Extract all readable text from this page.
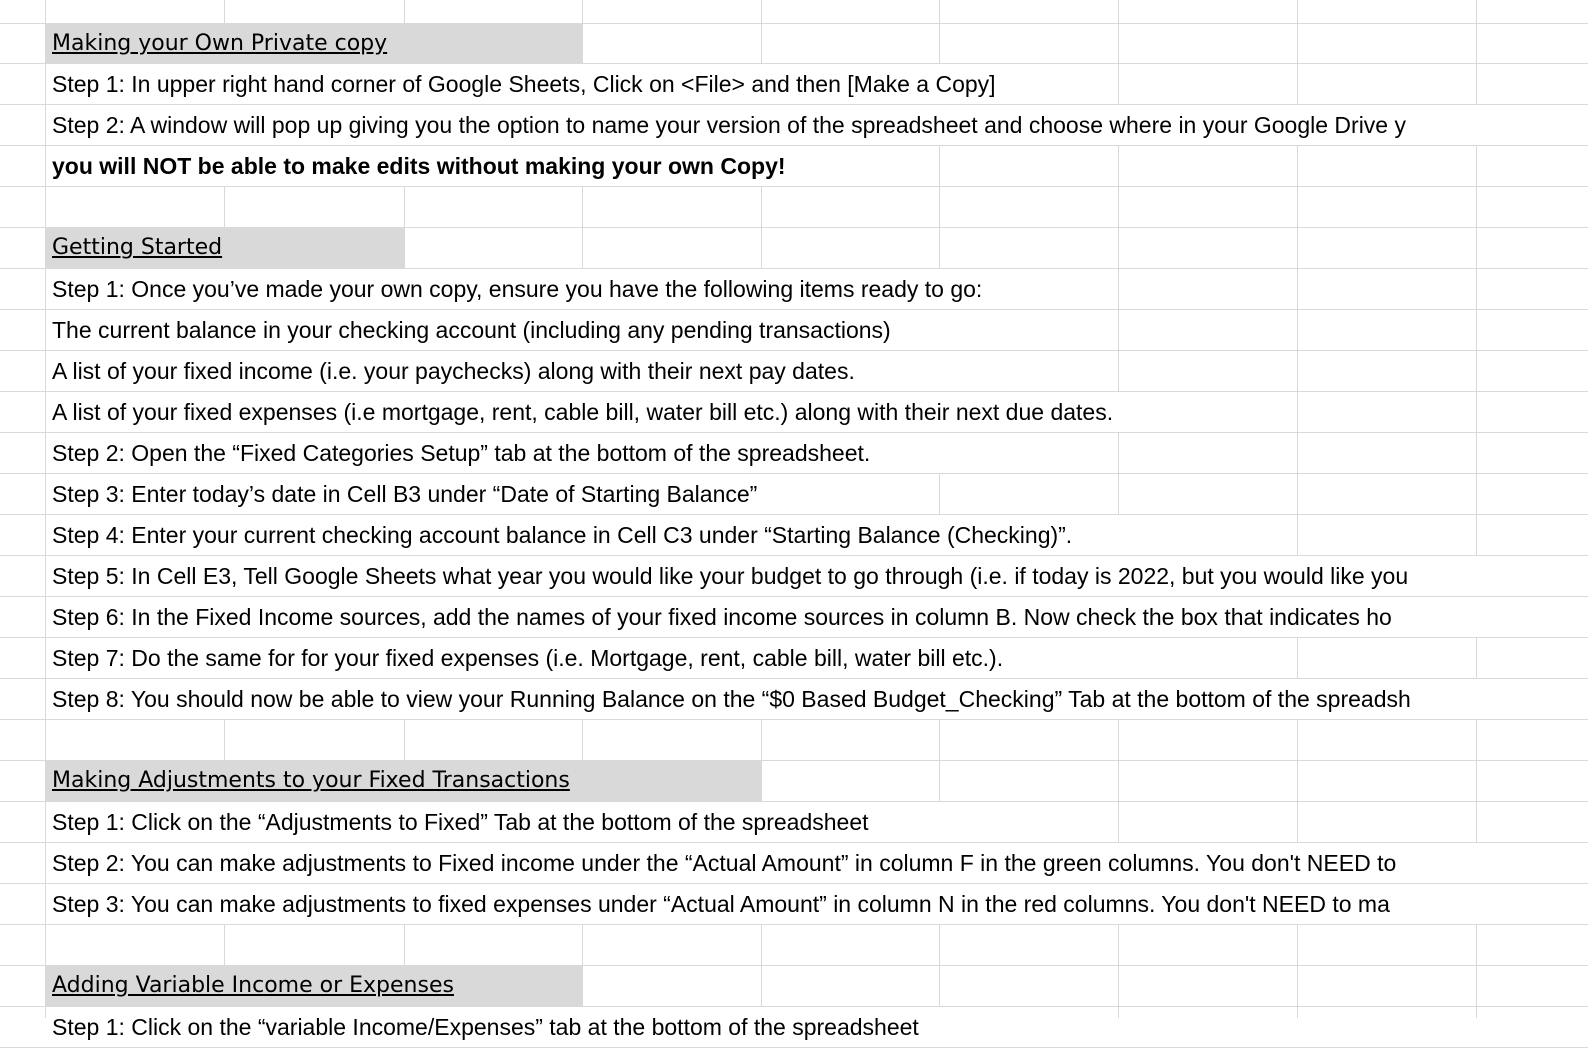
Making your Own Private copy
Step 1: In upper right hand corner of Google Sheets, Click on <File> and then [Make a Copy]
Step 2: A window will pop up giving you the option to name your version of the spreadsheet and choose where in your Google Drive y
you will NOT be able to make edits without making your own Copy!
Getting Started
Step 1: Once you’ve made your own copy, ensure you have the following items ready to go:
The current balance in your checking account (including any pending transactions)
A list of your fixed income (i.e. your paychecks) along with their next pay dates.
A list of your fixed expenses (i.e mortgage, rent, cable bill, water bill etc.) along with their next due dates.
Step 2: Open the “Fixed Categories Setup” tab at the bottom of the spreadsheet.
Step 3: Enter today’s date in Cell B3 under “Date of Starting Balance”
Step 4: Enter your current checking account balance in Cell C3 under “Starting Balance (Checking)”.
Step 5: In Cell E3, Tell Google Sheets what year you would like your budget to go through (i.e. if today is 2022, but you would like you
Step 6: In the Fixed Income sources, add the names of your fixed income sources in column B. Now check the box that indicates ho
Step 7: Do the same for for your fixed expenses (i.e. Mortgage, rent, cable bill, water bill etc.).
Step 8: You should now be able to view your Running Balance on the “$0 Based Budget_Checking” Tab at the bottom of the spreadsh
Making Adjustments to your Fixed Transactions
Step 1: Click on the “Adjustments to Fixed” Tab at the bottom of the spreadsheet
Step 2: You can make adjustments to Fixed income under the “Actual Amount” in column F in the green columns. You don't NEED to
Step 3: You can make adjustments to fixed expenses under “Actual Amount” in column N in the red columns. You don't NEED to ma
Adding Variable Income or Expenses
Step 1: Click on the “variable Income/Expenses” tab at the bottom of the spreadsheet
